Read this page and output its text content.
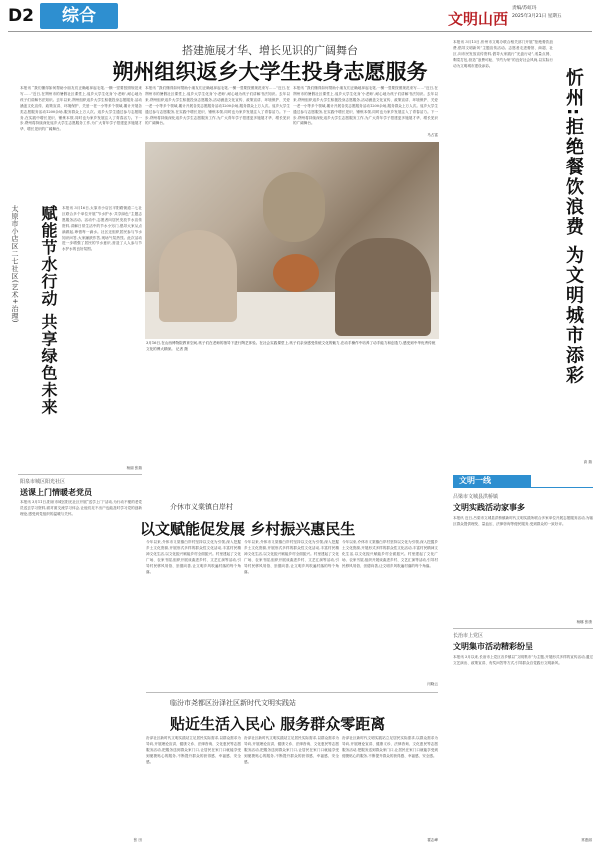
D2	综合	文明山西
责编/苏虹玛
2025年3月21日 星期五
搭建施展才华、增长见识的广阔舞台
朔州组织返乡大学生投身志愿服务
本报讯 “我们懂得如何帮助小朋友们正确地拿起毛笔,一横一竖要按照规范来写……”近日,在朔州市的暑假社区课堂上,返乡大学生化身‘小老师’,耐心地为孩子们讲解书法知识。去年以来,朔州组织返乡大学生积极投身志愿服务,活动涵盖文化宣传、政策宣讲、环境保护、关爱一老一小等多个领域,累计开展各类志愿服务活动1200余场,服务群众上万人次。返乡大学生通过参与志愿服务,在实践中增长见识、锤炼本领,同时也为家乡发展注入了青春活力。下一步,朔州将持续深化返乡大学生志愿服务工作,为广大青年学子搭建更多施展才华、增长见识的广阔舞台。
本报讯 “我们懂得如何帮助小朋友们正确地拿起毛笔,一横一竖要按照规范来写……”近日,在朔州市的暑假社区课堂上,返乡大学生化身‘小老师’,耐心地为孩子们讲解书法知识。去年以来,朔州组织返乡大学生积极投身志愿服务,活动涵盖文化宣传、政策宣讲、环境保护、关爱一老一小等多个领域,累计开展各类志愿服务活动1200余场,服务群众上万人次。返乡大学生通过参与志愿服务,在实践中增长见识、锤炼本领,同时也为家乡发展注入了青春活力。下一步,朔州将持续深化返乡大学生志愿服务工作,为广大青年学子搭建更多施展才华、增长见识的广阔舞台。
本报讯 “我们懂得如何帮助小朋友们正确地拿起毛笔,一横一竖要按照规范来写……”近日,在朔州市的暑假社区课堂上,返乡大学生化身‘小老师’,耐心地为孩子们讲解书法知识。去年以来,朔州组织返乡大学生积极投身志愿服务,活动涵盖文化宣传、政策宣讲、环境保护、关爱一老一小等多个领域,累计开展各类志愿服务活动1200余场,服务群众上万人次。返乡大学生通过参与志愿服务,在实践中增长见识、锤炼本领,同时也为家乡发展注入了青春活力。下一步,朔州将持续深化返乡大学生志愿服务工作,为广大青年学子搭建更多施展才华、增长见识的广阔舞台。
马占富
3月16日,在山西博物院教育空间,孩子们在老师的指导下进行陶艺体验。在社会实践课堂上,孩子们亲身感受传统文化的魅力,在动手操作中培养了动手能力和创造力,感受到中华优秀传统文化的博大精深。 记者 摄
赋能节水行动 共享绿色未来
太原市小店区二七社区(艺术+治理)	本报讯 3月16日,太原市小店区平阳路街道二七社区联合多个单位开展“节水护水·共享绿色”主题志愿服务活动。活动中,志愿者向居民发放节水宣传资料,讲解日常生活中的节水小窍门,倡导大家从点滴做起,珍惜每一滴水。社区还组织居民参与节水知识问答,大家踊跃作答,现场气氛热烈。此次活动进一步增强了居民的节水意识,营造了人人参与节水护水的良好氛围。
杨丽 张瑞
阳泉市城区阳光社区
送课上门情暖老党员
本报讯 3月11日,阳泉市城区阳光社区开展“送学上门”活动,为行动不便的老党员送去学习资料,面对面交流学习体会,让他们足不出户也能及时学习党的创新理论,感受到党组织的温暖与关怀。
张 田
介休市义棠镇白岸村
以文赋能促发展 乡村振兴惠民生
今年以来,介休市义棠镇白岸村坚持以文化为引领,深入挖掘乡土文化资源,开展形式多样的群众性文化活动,丰富村民精神文化生活,以文化振兴赋能乡村全面振兴。村里建起了文化广场、农家书屋,组织开展戏曲进乡村、文艺汇演等活动,引导村民移风易俗、崇德向善,让文明乡风吹遍村落的每个角落。
今年以来,介休市义棠镇白岸村坚持以文化为引领,深入挖掘乡土文化资源,开展形式多样的群众性文化活动,丰富村民精神文化生活,以文化振兴赋能乡村全面振兴。村里建起了文化广场、农家书屋,组织开展戏曲进乡村、文艺汇演等活动,引导村民移风易俗、崇德向善,让文明乡风吹遍村落的每个角落。
今年以来,介休市义棠镇白岸村坚持以文化为引领,深入挖掘乡土文化资源,开展形式多样的群众性文化活动,丰富村民精神文化生活,以文化振兴赋能乡村全面振兴。村里建起了文化广场、农家书屋,组织开展戏曲进乡村、文艺汇演等活动,引导村民移风易俗、崇德向善,让文明乡风吹遍村落的每个角落。
闫晓云
临汾市尧都区汾泽社区新时代文明实践站
贴近生活入民心 服务群众零距离
汾泽社区新时代文明实践站立足居民实际需求,以群众需求为导向,开展理论宣讲、健康义诊、法律咨询、文化惠民等志愿服务活动,把服务送到群众家门口,让居民在家门口就能享受到便捷贴心的服务,不断提升群众的获得感、幸福感、安全感。
汾泽社区新时代文明实践站立足居民实际需求,以群众需求为导向,开展理论宣讲、健康义诊、法律咨询、文化惠民等志愿服务活动,把服务送到群众家门口,让居民在家门口就能享受到便捷贴心的服务,不断提升群众的获得感、幸福感、安全感。
汾泽社区新时代文明实践站立足居民实际需求,以群众需求为导向,开展理论宣讲、健康义诊、法律咨询、文化惠民等志愿服务活动,把服务送到群众家门口,让居民在家门口就能享受到便捷贴心的服务,不断提升群众的获得感、幸福感、安全感。
霍志峰
忻州:拒绝餐饮浪费 为文明城市添彩
本报讯 3月13日,忻州市文明办联合相关部门开展“拒绝餐饮浪费,倡导文明新风”主题宣传活动。志愿者走进餐馆、商超、社区,向市民发放宣传资料,倡导大家践行“光盘行动”,适量点餐、剩菜打包,营造“浪费可耻、节约为荣”的良好社会风尚,以实际行动为文明城市建设添彩。
高 瑞
文明一线
吕梁市文城县洪桥镇
文明实践活动家事多
本报讯 近日,吕梁市文城县洪桥镇新时代文明实践所联合多家单位开展志愿服务活动,为辖区群众提供理发、量血压、法律咨询等便民服务,受到群众的一致好评。
杨娜 张康
长治市上党区
文明集市活动精彩纷呈
本报讯 3月以来,长治市上党区各乡镇以“文明集市”为主题,开展形式多样的宣传活动,通过文艺演出、政策宣讲、有奖问答等方式,引导群众自觉践行文明新风。
常惠丽
